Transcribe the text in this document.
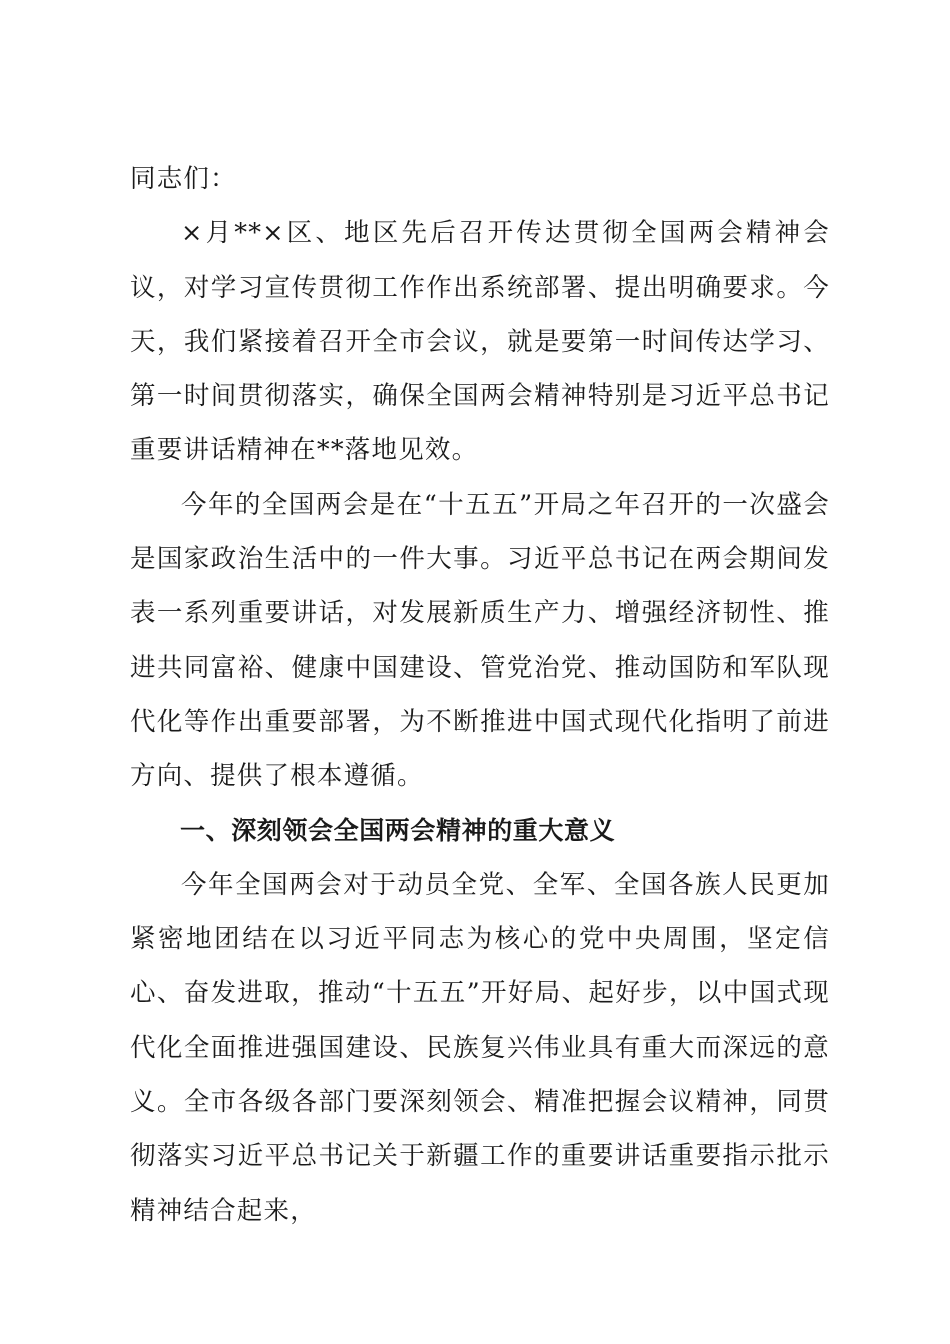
同志们：

×月**×区、地区先后召开传达贯彻全国两会精神会议，对学习宣传贯彻工作作出系统部署、提出明确要求。今天，我们紧接着召开全市会议，就是要第一时间传达学习、第一时间贯彻落实，确保全国两会精神特别是习近平总书记重要讲话精神在**落地见效。

今年的全国两会是在“十五五”开局之年召开的一次盛会是国家政治生活中的一件大事。习近平总书记在两会期间发表一系列重要讲话，对发展新质生产力、增强经济韧性、推进共同富裕、健康中国建设、管党治党、推动国防和军队现代化等作出重要部署，为不断推进中国式现代化指明了前进方向、提供了根本遵循。

一、深刻领会全国两会精神的重大意义

今年全国两会对于动员全党、全军、全国各族人民更加紧密地团结在以习近平同志为核心的党中央周围，坚定信心、奋发进取，推动“十五五”开好局、起好步，以中国式现代化全面推进强国建设、民族复兴伟业具有重大而深远的意义。全市各级各部门要深刻领会、精准把握会议精神，同贯彻落实习近平总书记关于新疆工作的重要讲话重要指示批示精神结合起来，
